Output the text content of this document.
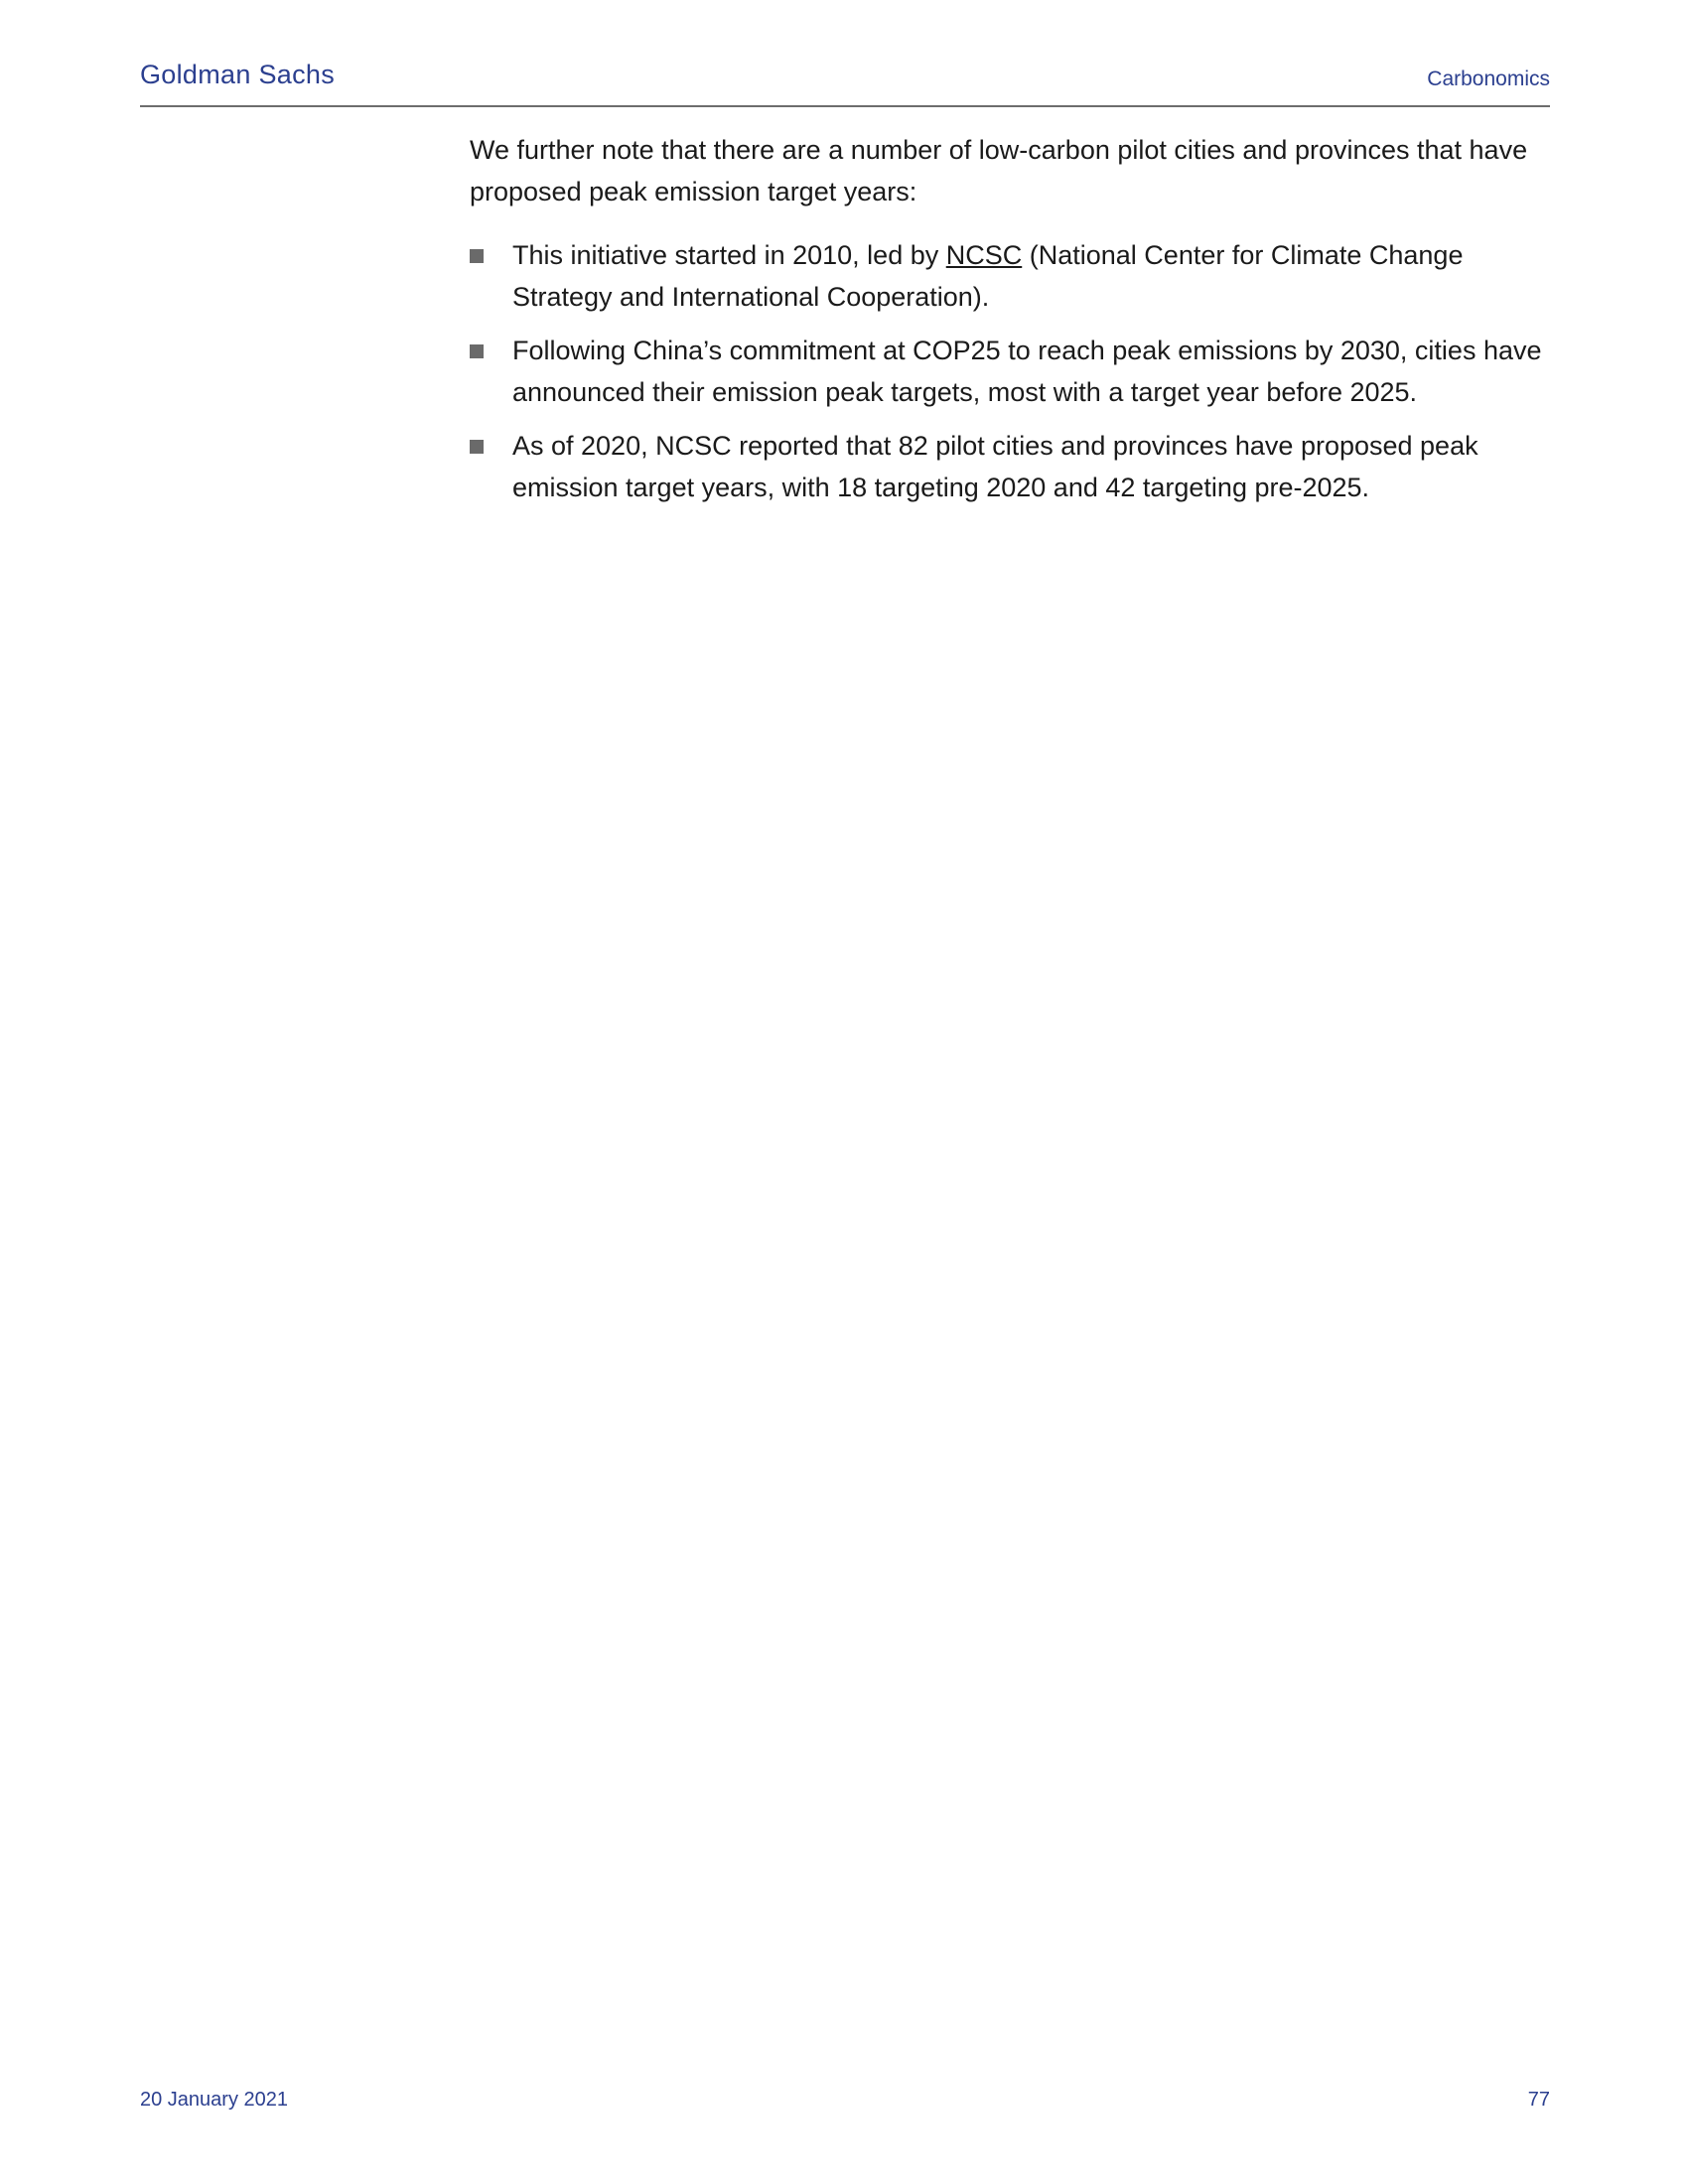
Goldman Sachs	Carbonomics

We further note that there are a number of low-carbon pilot cities and provinces that have proposed peak emission target years:

This initiative started in 2010, led by NCSC (National Center for Climate Change Strategy and International Cooperation).
Following China’s commitment at COP25 to reach peak emissions by 2030, cities have announced their emission peak targets, most with a target year before 2025.
As of 2020, NCSC reported that 82 pilot cities and provinces have proposed peak emission target years, with 18 targeting 2020 and 42 targeting pre-2025.
20 January 2021	77
